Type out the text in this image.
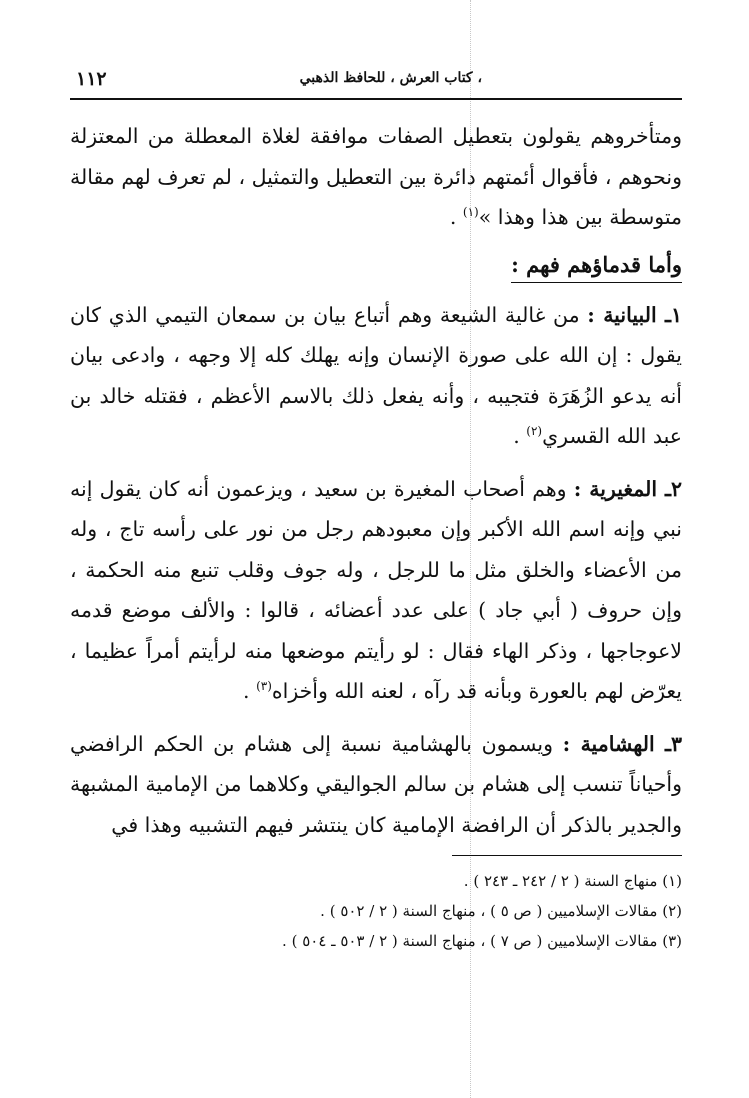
، كتاب العرش ، للحافظ الذهبي
١١٢

ومتأخروهم يقولون بتعطيل الصفات موافقة لغلاة المعطلة من المعتزلة ونحوهم ، فأقوال أئمتهم دائرة بين التعطيل والتمثيل ، لم تعرف لهم مقالة متوسطة بين هذا وهذا »$^{(١)}$ .

وأما قدماؤهم فهم :

١ـ البيانية : من غالية الشيعة وهم أتباع بيان بن سمعان التيمي الذي كان يقول : إن الله على صورة الإنسان وإنه يهلك كله إلا وجهه ، وادعى بيان أنه يدعو الزُهَرَة فتجيبه ، وأنه يفعل ذلك بالاسم الأعظم ، فقتله خالد بن عبد الله القسري$^{(٢)}$ .

٢ـ المغيرية : وهم أصحاب المغيرة بن سعيد ، ويزعمون أنه كان يقول إنه نبي وإنه اسم الله الأكبر وإن معبودهم رجل من نور على رأسه تاج ، وله من الأعضاء والخلق مثل ما للرجل ، وله جوف وقلب تنبع منه الحكمة ، وإن حروف ( أبي جاد ) على عدد أعضائه ، قالوا : والألف موضع قدمه لاعوجاجها ، وذكر الهاء فقال : لو رأيتم موضعها منه لرأيتم أمراً عظيما ، يعرّض لهم بالعورة وبأنه قد رآه ، لعنه الله وأخزاه$^{(٣)}$ .

٣ـ الهشامية : ويسمون بالهشامية نسبة إلى هشام بن الحكم الرافضي وأحياناً تنسب إلى هشام بن سالم الجواليقي وكلاهما من الإمامية المشبهة والجدير بالذكر أن الرافضة الإمامية كان ينتشر فيهم التشبيه وهذا في

(١) منهاج السنة ( ٢ / ٢٤٢ ـ ٢٤٣ ) .
(٢) مقالات الإسلاميين ( ص ٥ ) ، منهاج السنة ( ٢ / ٥٠٢ ) .
(٣) مقالات الإسلاميين ( ص ٧ ) ، منهاج السنة ( ٢ / ٥٠٣ ـ ٥٠٤ ) .
